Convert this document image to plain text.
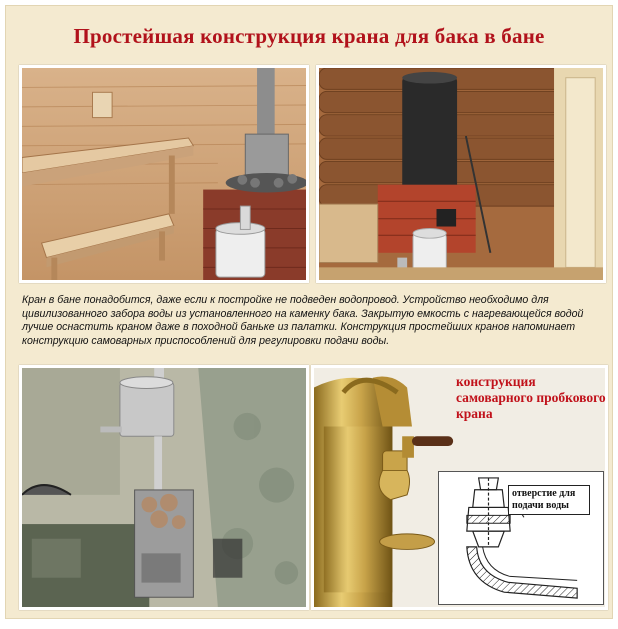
Простейшая конструкция крана для бака в бане
Кран в бане понадобится, даже если к постройке не подведен водопровод. Устройство необходимо для цивилизованного забора воды из установленного на каменку бака. Закрытую емкость с нагревающейся водой лучше оснастить краном даже в походной баньке из палатки. Конструкция простейших кранов напоминает конструкцию самоварных приспособлений для регулировки подачи воды.
конструкция самоварного пробкового крана
отверстие для подачи воды
